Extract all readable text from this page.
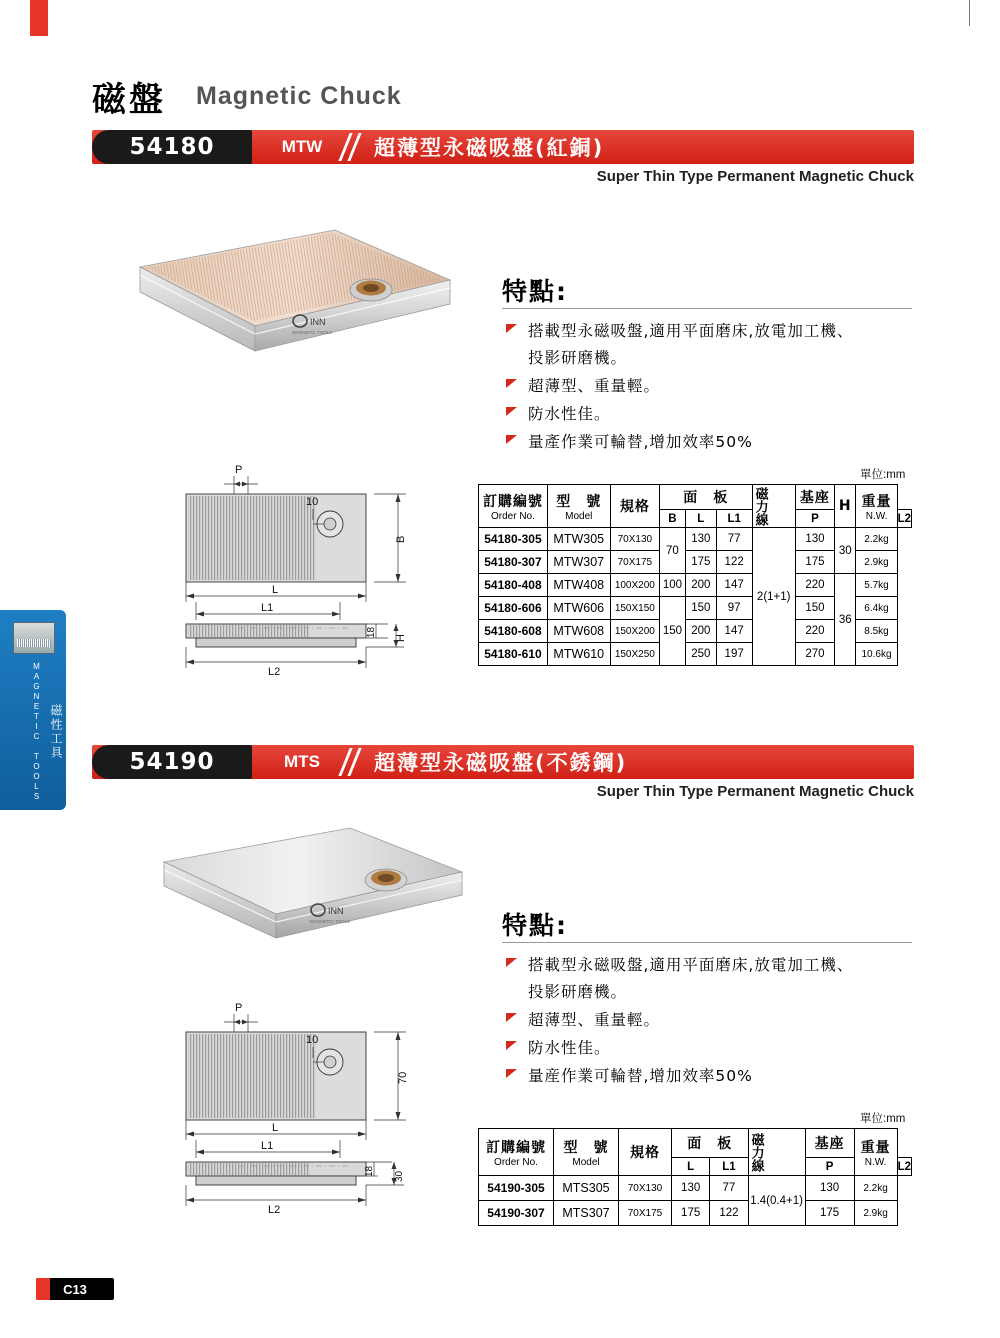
磁性工具 MAGNETIC TOOLS
磁盤 Magnetic Chuck
54180	MTW	超薄型永磁吸盤(紅銅)
Super Thin Type Permanent Magnetic Chuck
INN
MAGNETIC TOOLS
特點:
搭載型永磁吸盤,適用平面磨床,放電加工機、
投影研磨機。
超薄型、重量輕。
防水性佳。
量產作業可輪替,增加效率50%
P
10
B
L
L1
18
H
L2
單位:mm
訂購編號
Order No.

型　號
Model
	規格	面　板	磁力線	基座	H	重量
N.W.

			B	L	L1		P			L2
54180-305	MTW305	70X130	70	130	77	2(1+1)	130	30	2.2kg	
54180-307	MTW307	70X175		175	122		175		2.9kg	
54180-408	MTW408	100X200	100	200	147		220	36	5.7kg	
54180-606	MTW606	150X150	150	150	97		150		6.4kg	
54180-608	MTW608	150X200		200	147		220		8.5kg	
54180-610	MTW610	150X250		250	197		270		10.6kg	
54190	MTS	超薄型永磁吸盤(不銹鋼)
Super Thin Type Permanent Magnetic Chuck
INN
MAGNETIC TOOLS	特點:
搭載型永磁吸盤,適用平面磨床,放電加工機、
投影研磨機。
超薄型、重量輕。
防水性佳。
量産作業可輪替,增加效率50%
P
10
70
L
L1
18 30
L2
單位:mm
訂購編號
Order No.

型　號
Model
	規格	面　板	磁力線	基座	重量
N.W.

			L	L1		P		L2
54190-305	MTS305	70X130	130	77	1.4(0.4+1)	130	2.2kg	
54190-307	MTS307	70X175	175	122		175	2.9kg	
C13
